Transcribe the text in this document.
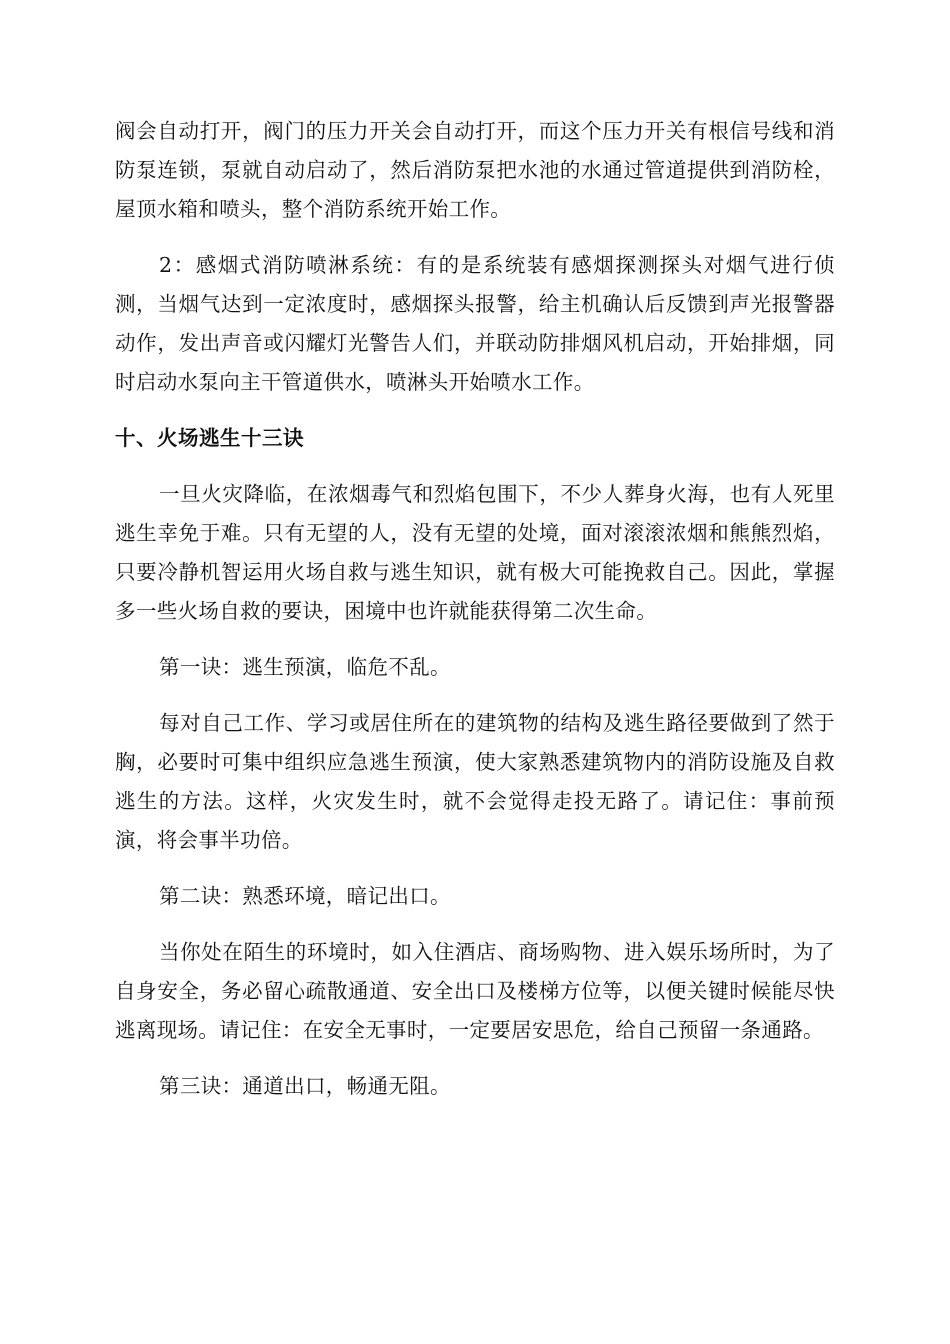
阀会自动打开，阀门的压力开关会自动打开，而这个压力开关有根信号线和消防泵连锁，泵就自动启动了，然后消防泵把水池的水通过管道提供到消防栓，屋顶水箱和喷头，整个消防系统开始工作。

2：感烟式消防喷淋系统：有的是系统装有感烟探测探头对烟气进行侦测，当烟气达到一定浓度时，感烟探头报警，给主机确认后反馈到声光报警器动作，发出声音或闪耀灯光警告人们，并联动防排烟风机启动，开始排烟，同时启动水泵向主干管道供水，喷淋头开始喷水工作。

十、火场逃生十三诀

一旦火灾降临，在浓烟毒气和烈焰包围下，不少人葬身火海，也有人死里逃生幸免于难。只有无望的人，没有无望的处境，面对滚滚浓烟和熊熊烈焰，只要冷静机智运用火场自救与逃生知识，就有极大可能挽救自己。因此，掌握多一些火场自救的要诀，困境中也许就能获得第二次生命。

第一诀：逃生预演，临危不乱。

每对自己工作、学习或居住所在的建筑物的结构及逃生路径要做到了然于胸，必要时可集中组织应急逃生预演，使大家熟悉建筑物内的消防设施及自救逃生的方法。这样，火灾发生时，就不会觉得走投无路了。请记住：事前预演，将会事半功倍。

第二诀：熟悉环境，暗记出口。

当你处在陌生的环境时，如入住酒店、商场购物、进入娱乐场所时，为了自身安全，务必留心疏散通道、安全出口及楼梯方位等，以便关键时候能尽快逃离现场。请记住：在安全无事时，一定要居安思危，给自己预留一条通路。

第三诀：通道出口，畅通无阻。
